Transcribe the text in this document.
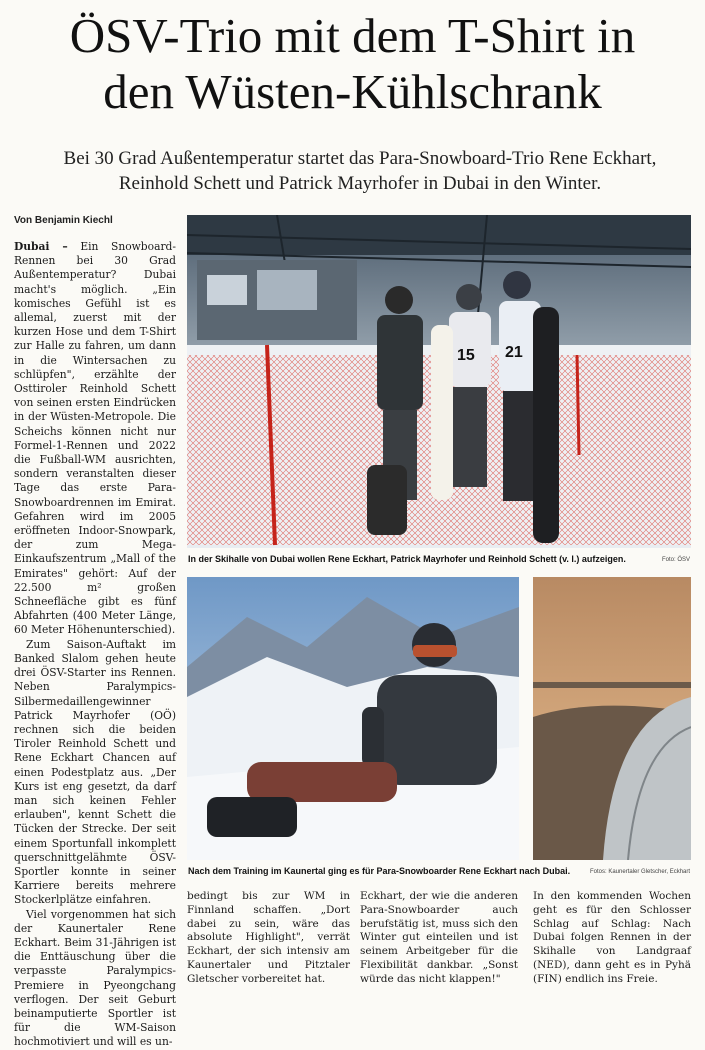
ÖSV-Trio mit dem T-Shirt in
den Wüsten-Kühlschrank
Bei 30 Grad Außentemperatur startet das Para-Snowboard-Trio Rene Eckhart, Reinhold Schett und Patrick Mayrhofer in Dubai in den Winter.
Von Benjamin Kiechl

Dubai – Ein Snowboard-Rennen bei 30 Grad Außentemperatur? Dubai macht's möglich. „Ein komisches Gefühl ist es allemal, zuerst mit der kurzen Hose und dem T-Shirt zur Halle zu fahren, um dann in die Wintersachen zu schlüpfen", erzählte der Osttiroler Reinhold Schett von seinen ersten Eindrücken in der Wüsten-Metropole. Die Scheichs können nicht nur Formel-1-Rennen und 2022 die Fußball-WM ausrichten, sondern veranstalten dieser Tage das erste Para-Snowboardrennen im Emirat. Gefahren wird im 2005 eröffneten Indoor-Snowpark, der zum Mega-Einkaufszentrum „Mall of the Emirates" gehört: Auf der 22.500 m² großen Schneefläche gibt es fünf Abfahrten (400 Meter Länge, 60 Meter Höhenunterschied).

Zum Saison-Auftakt im Banked Slalom gehen heute drei ÖSV-Starter ins Rennen. Neben Paralympics-Silbermedaillengewinner Patrick Mayrhofer (OÖ) rechnen sich die beiden Tiroler Reinhold Schett und Rene Eckhart Chancen auf einen Podestplatz aus. „Der Kurs ist eng gesetzt, da darf man sich keinen Fehler erlauben", kennt Schett die Tücken der Strecke. Der seit einem Sportunfall inkomplett querschnittgelähmte ÖSV-Sportler konnte in seiner Karriere bereits mehrere Stockerlplätze einfahren.

Viel vorgenommen hat sich der Kaunertaler Rene Eckhart. Beim 31-Jährigen ist die Enttäuschung über die verpasste Paralympics-Premiere in Pyeongchang verflogen. Der seit Geburt beinamputierte Sportler ist für die WM-Saison hochmotiviert und will es un-

15 21
In der Skihalle von Dubai wollen Rene Eckhart, Patrick Mayrhofer und Reinhold Schett (v. l.) aufzeigen.	Foto: ÖSV
Nach dem Training im Kaunertal ging es für Para-Snowboarder Rene Eckhart nach Dubai.	Fotos: Kaunertaler Gletscher, Eckhart
bedingt bis zur WM in Finnland schaffen. „Dort dabei zu sein, wäre das absolute Highlight", verrät Eckhart, der sich intensiv am Kaunertaler und Pitztaler Gletscher vorbereitet hat.
Eckhart, der wie die anderen Para-Snowboarder auch berufstätig ist, muss sich den Winter gut einteilen und ist seinem Arbeitgeber für die Flexibilität dankbar. „Sonst würde das nicht klappen!"
In den kommenden Wochen geht es für den Schlosser Schlag auf Schlag: Nach Dubai folgen Rennen in der Skihalle von Landgraaf (NED), dann geht es in Pyhä (FIN) endlich ins Freie.
